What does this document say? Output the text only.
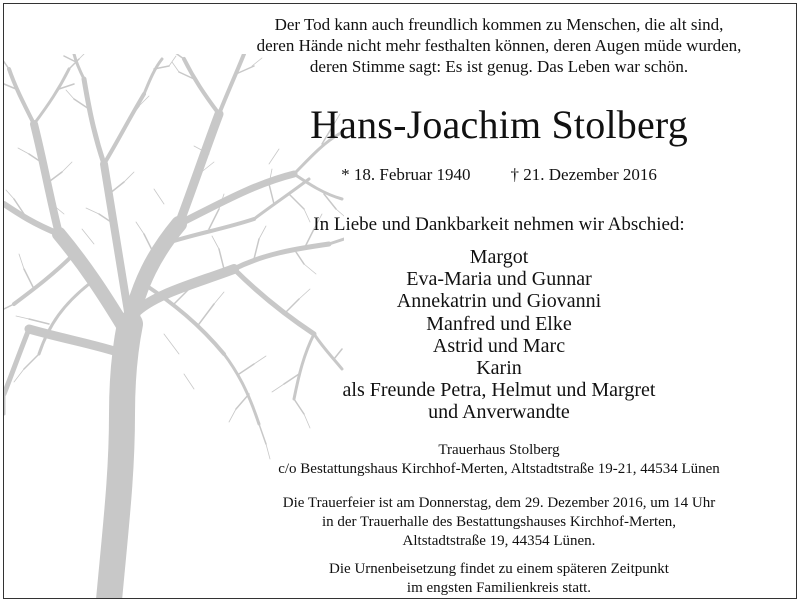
Der Tod kann auch freundlich kommen zu Menschen, die alt sind,
deren Hände nicht mehr festhalten können, deren Augen müde wurden,
deren Stimme sagt: Es ist genug. Das Leben war schön.
Hans-Joachim Stolberg
* 18. Februar 1940 † 21. Dezember 2016
In Liebe und Dankbarkeit nehmen wir Abschied:
Margot
Eva-Maria und Gunnar
Annekatrin und Giovanni
Manfred und Elke
Astrid und Marc
Karin
als Freunde Petra, Helmut und Margret
und Anverwandte
Trauerhaus Stolberg
c/o Bestattungshaus Kirchhof-Merten, Altstadtstraße 19-21, 44534 Lünen
Die Trauerfeier ist am Donnerstag, dem 29. Dezember 2016, um 14 Uhr
in der Trauerhalle des Bestattungshauses Kirchhof-Merten,
Altstadtstraße 19, 44354 Lünen.
Die Urnenbeisetzung findet zu einem späteren Zeitpunkt
im engsten Familienkreis statt.
